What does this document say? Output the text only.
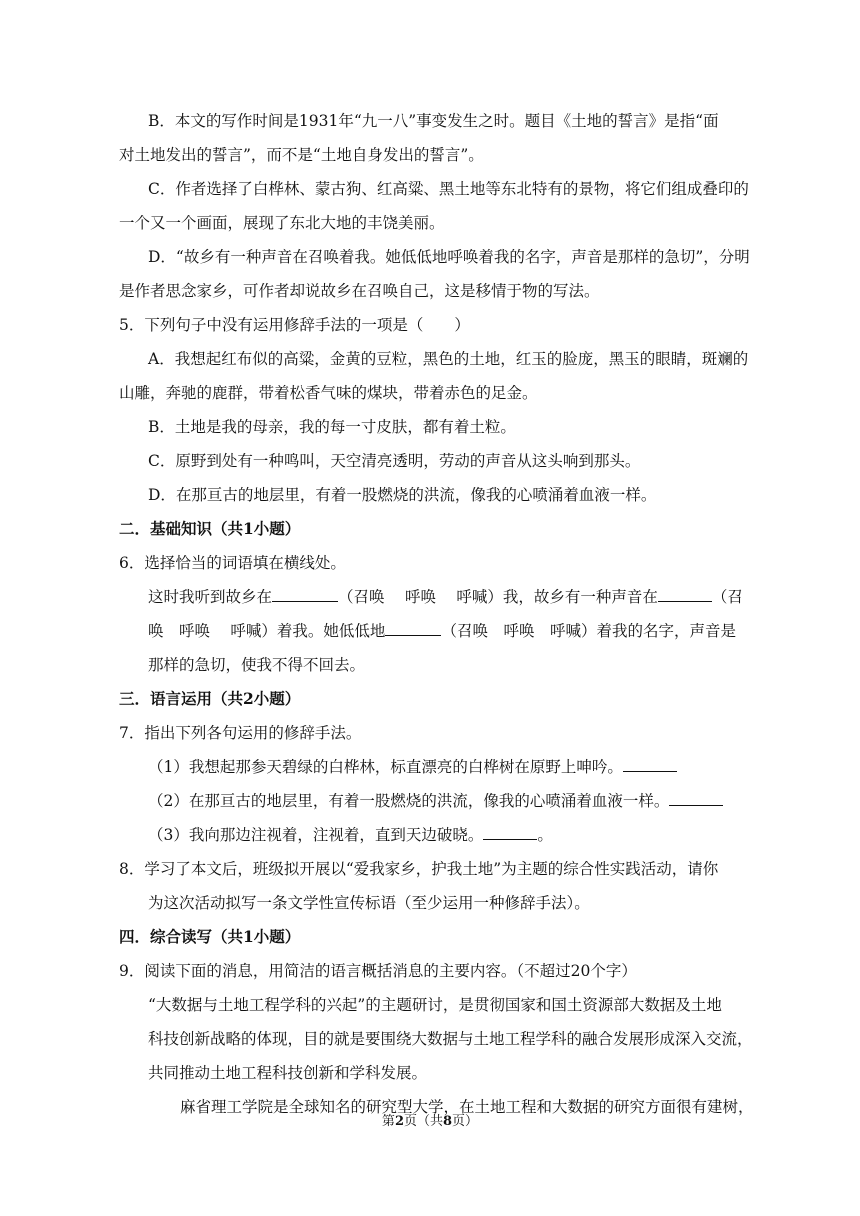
B．本文的写作时间是1931年“九一八”事变发生之时。题目《土地的誓言》是指“面
对土地发出的誓言”，而不是“土地自身发出的誓言”。
C．作者选择了白桦林、蒙古狗、红高粱、黑土地等东北特有的景物，将它们组成叠印的
一个又一个画面，展现了东北大地的丰饶美丽。
D．“故乡有一种声音在召唤着我。她低低地呼唤着我的名字，声音是那样的急切”，分明
是作者思念家乡，可作者却说故乡在召唤自己，这是移情于物的写法。
5．下列句子中没有运用修辞手法的一项是（　　）
A．我想起红布似的高粱，金黄的豆粒，黑色的土地，红玉的脸庞，黑玉的眼睛，斑斓的
山雕，奔驰的鹿群，带着松香气味的煤块，带着赤色的足金。
B．土地是我的母亲，我的每一寸皮肤，都有着土粒。
C．原野到处有一种鸣叫，天空清亮透明，劳动的声音从这头响到那头。
D．在那亘古的地层里，有着一股燃烧的洪流，像我的心喷涌着血液一样。
二．基础知识（共1小题）
6．选择恰当的词语填在横线处。
这时我听到故乡在	（召唤　 呼唤　 呼喊）我，故乡有一种声音在	（召
唤　呼唤　 呼喊）着我。她低低地	（召唤　呼唤　呼喊）着我的名字，声音是
那样的急切，使我不得不回去。
三．语言运用（共2小题）
7．指出下列各句运用的修辞手法。
（1）我想起那参天碧绿的白桦林，标直漂亮的白桦树在原野上呻吟。
（2）在那亘古的地层里，有着一股燃烧的洪流，像我的心喷涌着血液一样。
（3）我向那边注视着，注视着，直到天边破晓。	。
8．学习了本文后，班级拟开展以“爱我家乡，护我土地”为主题的综合性实践活动，请你
为这次活动拟写一条文学性宣传标语（至少运用一种修辞手法）。
四．综合读写（共1小题）
9．阅读下面的消息，用简洁的语言概括消息的主要内容。（不超过20个字）
“大数据与土地工程学科的兴起”的主题研讨，是贯彻国家和国土资源部大数据及土地
科技创新战略的体现，目的就是要围绕大数据与土地工程学科的融合发展形成深入交流，
共同推动土地工程科技创新和学科发展。
麻省理工学院是全球知名的研究型大学，在土地工程和大数据的研究方面很有建树，
第2页（共8页）
